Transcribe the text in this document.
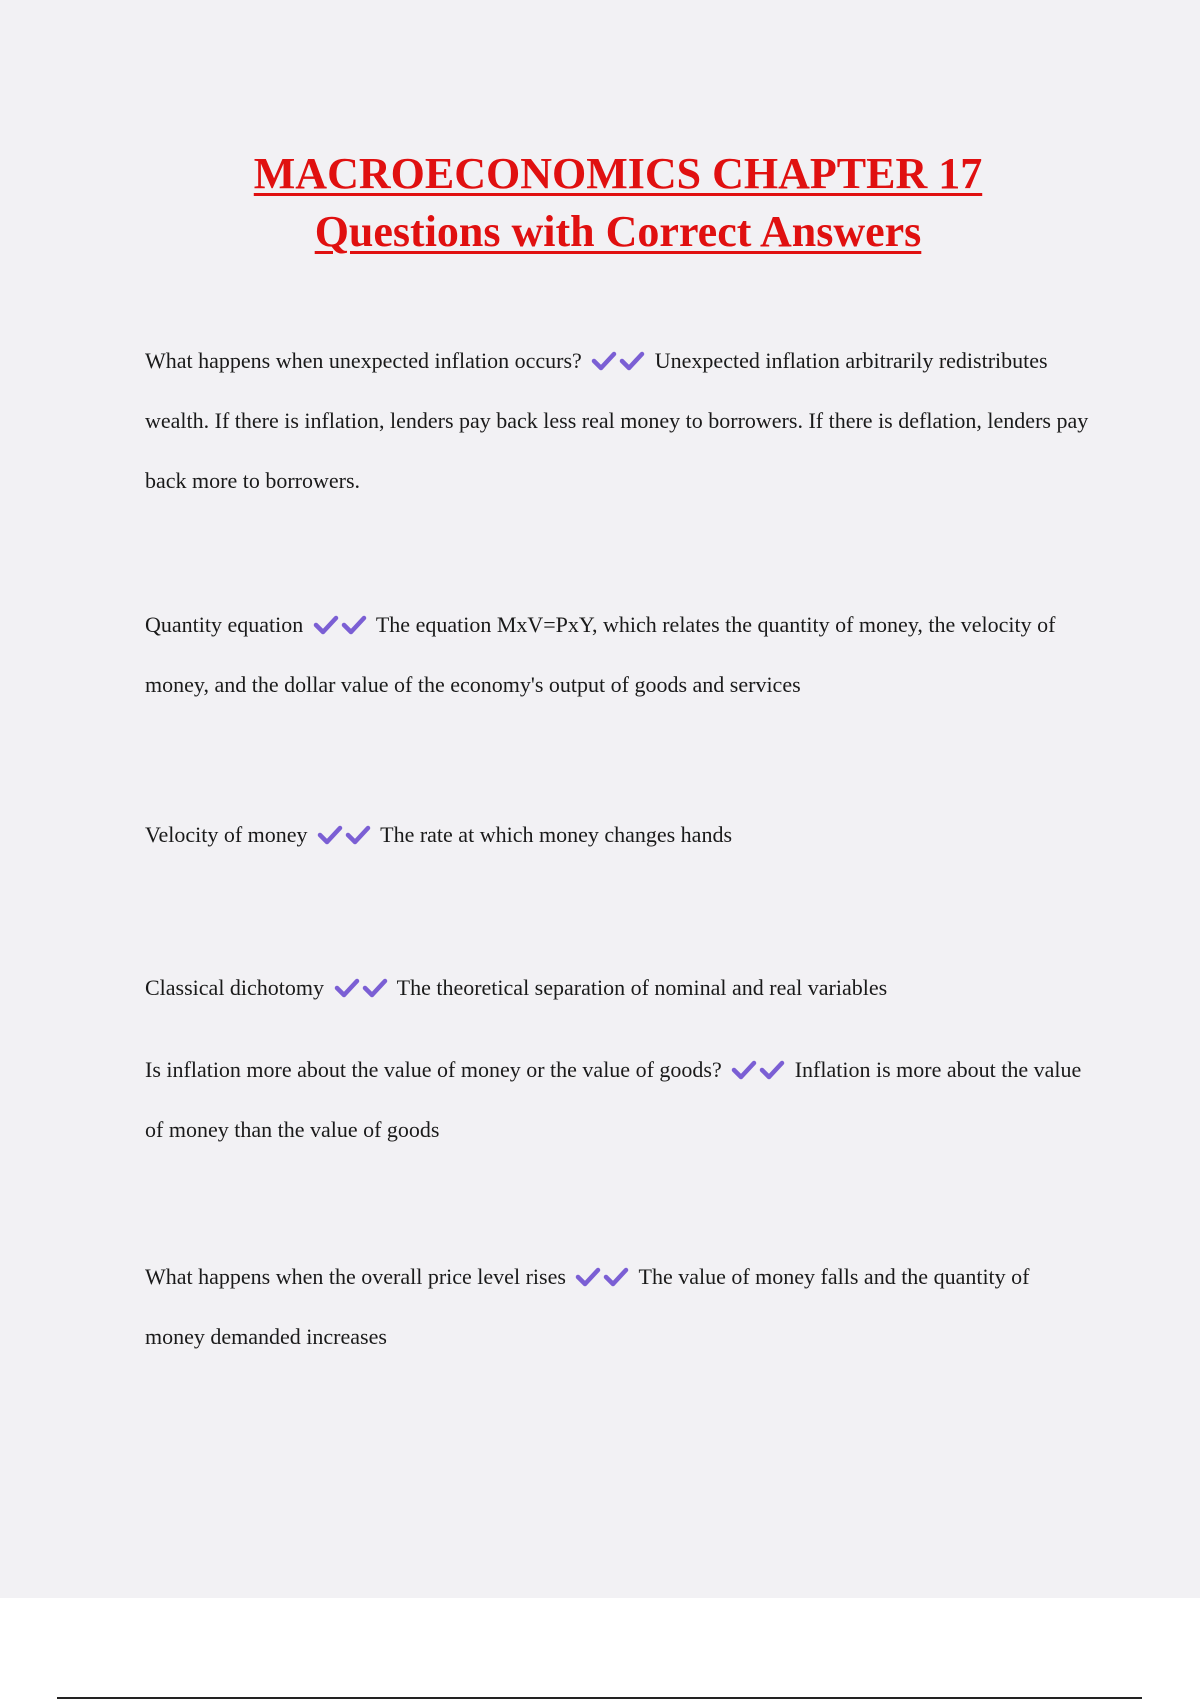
MACROECONOMICS CHAPTER 17
Questions with Correct Answers

What happens when unexpected inflation occurs?	Unexpected inflation arbitrarily redistributes wealth. If there is inflation, lenders pay back less real money to borrowers. If there is deflation, lenders pay back more to borrowers.

Quantity equation	The equation MxV=PxY, which relates the quantity of money, the velocity of money, and the dollar value of the economy's output of goods and services

Velocity of money	The rate at which money changes hands

Classical dichotomy	The theoretical separation of nominal and real variables

Is inflation more about the value of money or the value of goods?	Inflation is more about the value of money than the value of goods

What happens when the overall price level rises	The value of money falls and the quantity of money demanded increases
